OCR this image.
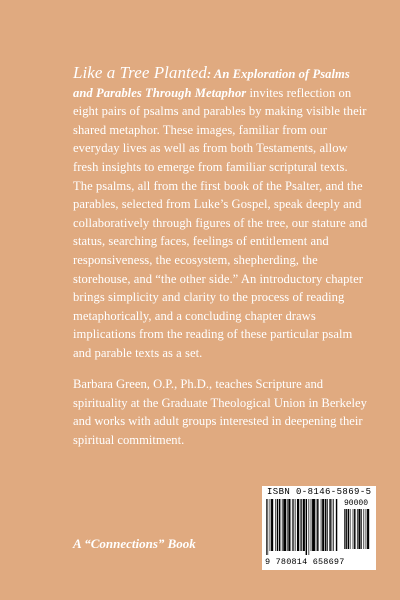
Like a Tree Planted: An Exploration of Psalms and Parables Through Metaphor invites reflection on eight pairs of psalms and parables by making visible their shared metaphor. These images, familiar from our everyday lives as well as from both Testaments, allow fresh insights to emerge from familiar scriptural texts. The psalms, all from the first book of the Psalter, and the parables, selected from Luke’s Gospel, speak deeply and collaboratively through figures of the tree, our stature and status, searching faces, feelings of entitlement and responsiveness, the ecosystem, shepherding, the storehouse, and “the other side.” An introductory chapter brings simplicity and clarity to the process of reading metaphorically, and a concluding chapter draws implications from the reading of these particular psalm and parable texts as a set.

Barbara Green, O.P., Ph.D., teaches Scripture and spirituality at the Graduate Theological Union in Berkeley and works with adult groups interested in deepening their spiritual commitment.

A “Connections” Book

ISBN 0-8146-5869-5
90000
9 780814 658697
